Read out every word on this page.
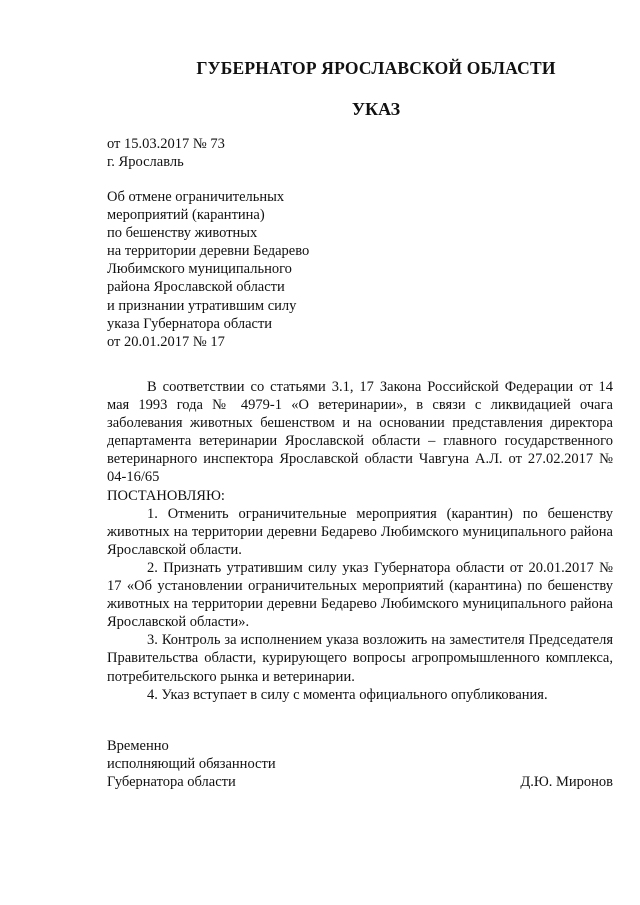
ГУБЕРНАТОР ЯРОСЛАВСКОЙ ОБЛАСТИ
УКАЗ
от 15.03.2017 № 73
г. Ярославль
Об отмене ограничительных
мероприятий (карантина)
по бешенству животных
на территории деревни Бедарево
Любимского муниципального
района Ярославской области
и признании утратившим силу
указа Губернатора области
от 20.01.2017 № 17

В соответствии со статьями 3.1, 17 Закона Российской Федерации от 14 мая 1993 года № 4979-1 «О ветеринарии», в связи с ликвидацией очага заболевания животных бешенством и на основании представления директора департамента ветеринарии Ярославской области – главного государственного ветеринарного инспектора Ярославской области Чавгуна А.Л. от 27.02.2017 № 04-16/65

ПОСТАНОВЛЯЮ:

1. Отменить ограничительные мероприятия (карантин) по бешенству животных на территории деревни Бедарево Любимского муниципального района Ярославской области.

2. Признать утратившим силу указ Губернатора области от 20.01.2017 № 17 «Об установлении ограничительных мероприятий (карантина) по бешенству животных на территории деревни Бедарево Любимского муниципального района Ярославской области».

3. Контроль за исполнением указа возложить на заместителя Председателя Правительства области, курирующего вопросы агропромышленного комплекса, потребительского рынка и ветеринарии.

4. Указ вступает в силу с момента официального опубликования.

Временно
исполняющий обязанности
Губернатора области	Д.Ю. Миронов
